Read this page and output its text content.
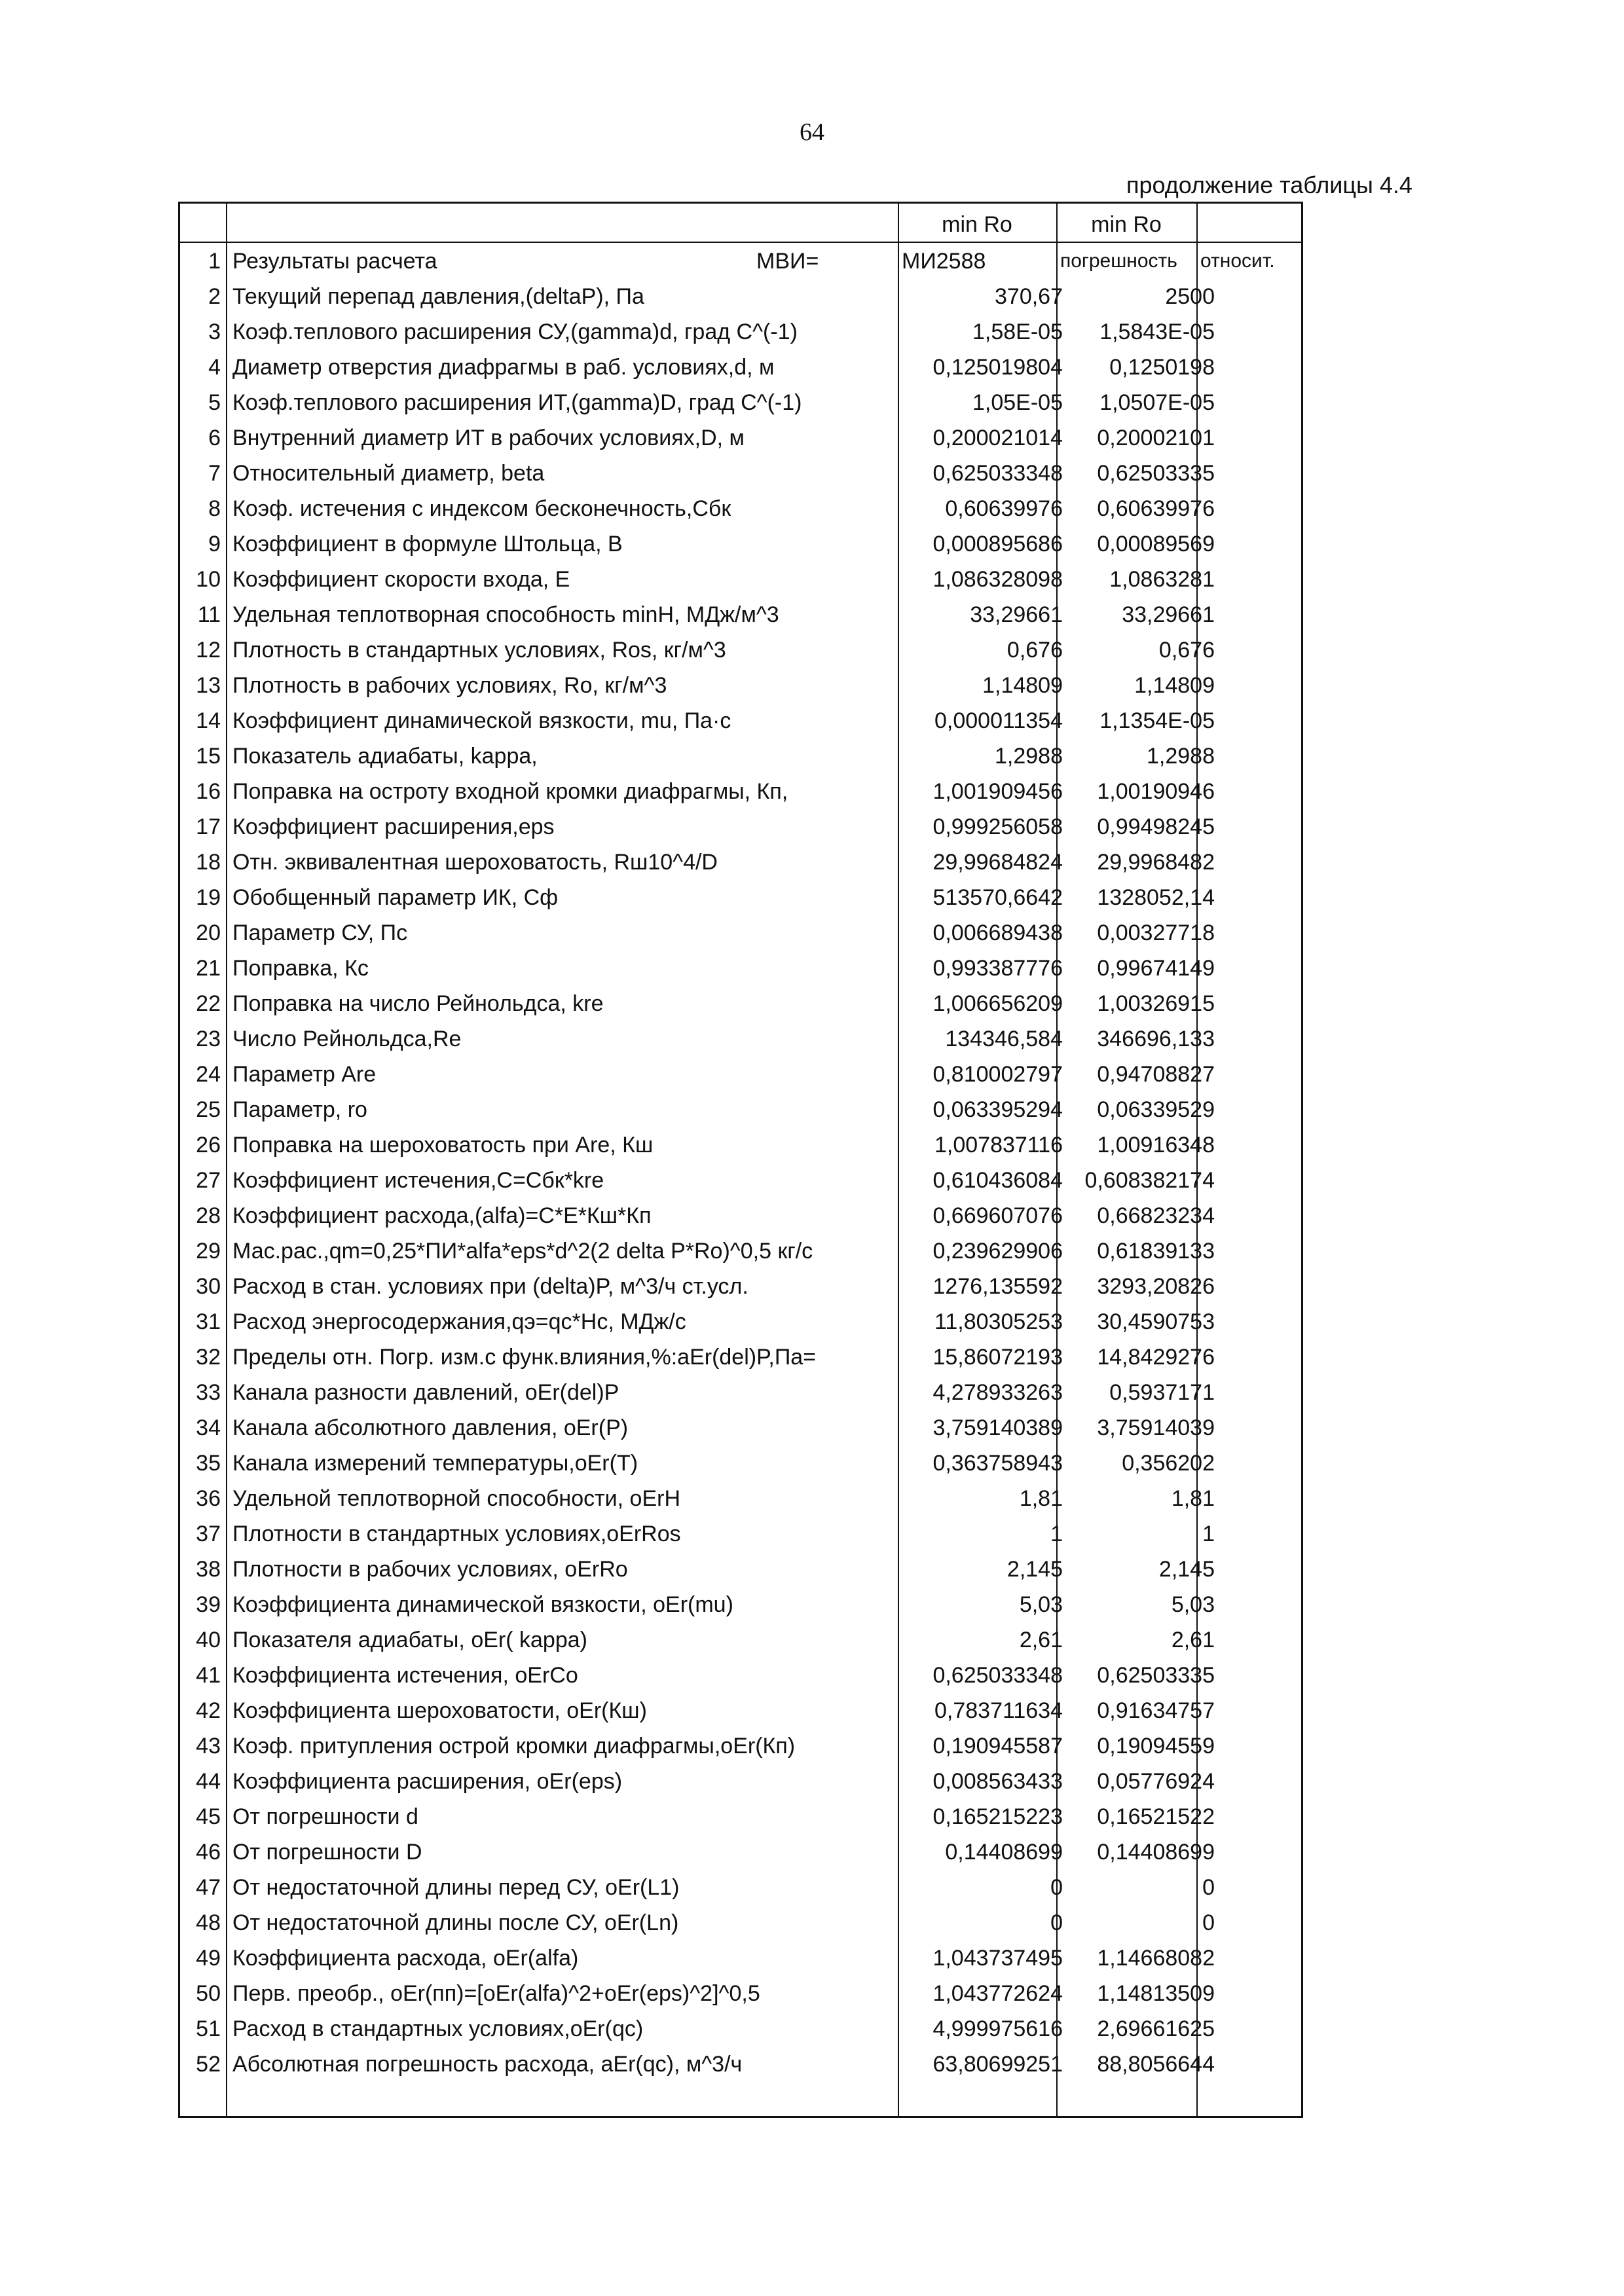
64
продолжение таблицы 4.4
min Ro	min Ro
1 Результаты расчета	МВИ=	МИ2588	погрешность	относит.
2 Текущий перепад давления,(deltaP), Па	370,67	2500
3 Коэф.теплового расширения СУ,(gamma)d, град С^(-1)	1,58E-05	1,5843E-05
4 Диаметр отверстия диафрагмы в раб. условиях,d, м	0,125019804	0,1250198
5 Коэф.теплового расширения ИТ,(gamma)D, град С^(-1)	1,05E-05	1,0507E-05
6 Внутренний диаметр ИТ в рабочих условиях,D, м	0,200021014	0,20002101
7 Относительный диаметр, beta	0,625033348	0,62503335
8 Коэф. истечения с индексом бесконечность,Сбк	0,60639976	0,60639976
9 Коэффициент в формуле Штольца, В	0,000895686	0,00089569
10 Коэффициент скорости входа, Е	1,086328098	1,0863281
11 Удельная теплотворная способность minH, МДж/м^3	33,29661	33,29661
12 Плотность в стандартных условиях, Ros, кг/м^3	0,676	0,676
13 Плотность в рабочих условиях, Ro, кг/м^3	1,14809	1,14809
14 Коэффициент динамической вязкости, mu, Па·с	0,000011354	1,1354E-05
15 Показатель адиабаты, kappa,	1,2988	1,2988
16 Поправка на остроту входной кромки диафрагмы, Кп,	1,001909456	1,00190946
17 Коэффициент расширения,eps	0,999256058	0,99498245
18 Отн. эквивалентная шероховатость, Rш10^4/D	29,99684824	29,9968482
19 Обобщенный параметр ИК, Сф	513570,6642	1328052,14
20 Параметр СУ, Пс	0,006689438	0,00327718
21 Поправка, Кс	0,993387776	0,99674149
22 Поправка на число Рейнольдса, kre	1,006656209	1,00326915
23 Число Рейнольдса,Re	134346,584	346696,133
24 Параметр Are	0,810002797	0,94708827
25 Параметр, ro	0,063395294	0,06339529
26 Поправка на шероховатость при Are, Кш	1,007837116	1,00916348
27 Коэффициент истечения,С=Сбк*kre	0,610436084 0,608382174
28 Коэффициент расхода,(alfa)=C*E*Кш*Кп	0,669607076	0,66823234
29 Мас.рас.,qm=0,25*ПИ*alfa*eps*d^2(2 delta P*Ro)^0,5 кг/с	0,239629906	0,61839133
30 Расход в стан. условиях при (delta)P, м^3/ч ст.усл.	1276,135592	3293,20826
31 Расход энергосодержания,qэ=qc*Нс, МДж/с	11,80305253	30,4590753
32 Пределы отн. Погр. изм.с функ.влияния,%:aEr(del)P,Па=	15,86072193	14,8429276
33 Канала разности давлений, oEr(del)P	4,278933263	0,5937171
34 Канала абсолютного давления, oEr(P)	3,759140389	3,75914039
35 Канала измерений температуры,oEr(T)	0,363758943	0,356202
36 Удельной теплотворной способности, oErH	1,81	1,81
37 Плотности в стандартных условиях,oErRos	1	1
38 Плотности в рабочих условиях, oErRo	2,145	2,145
39 Коэффициента динамической вязкости, oEr(mu)	5,03	5,03
40 Показателя адиабаты, oEr( kappa)	2,61	2,61
41 Коэффициента истечения, oErCo	0,625033348	0,62503335
42 Коэффициента шероховатости, oEr(Кш)	0,783711634	0,91634757
43 Коэф. притупления острой кромки диафрагмы,oEr(Кп)	0,190945587	0,19094559
44 Коэффициента расширения, oEr(eps)	0,008563433	0,05776924
45 От погрешности d	0,165215223	0,16521522
46 От погрешности D	0,14408699	0,14408699
47 От недостаточной длины перед СУ, oEr(L1)	0	0
48 От недостаточной длины после СУ, oEr(Ln)	0	0
49 Коэффициента расхода, oEr(alfa)	1,043737495	1,14668082
50 Перв. преобр., oEr(пп)=[oEr(alfa)^2+oEr(eps)^2]^0,5	1,043772624	1,14813509
51 Расход в стандартных условиях,oEr(qc)	4,999975616	2,69661625
52 Абсолютная погрешность расхода, aEr(qc), м^3/ч	63,80699251	88,8056644
